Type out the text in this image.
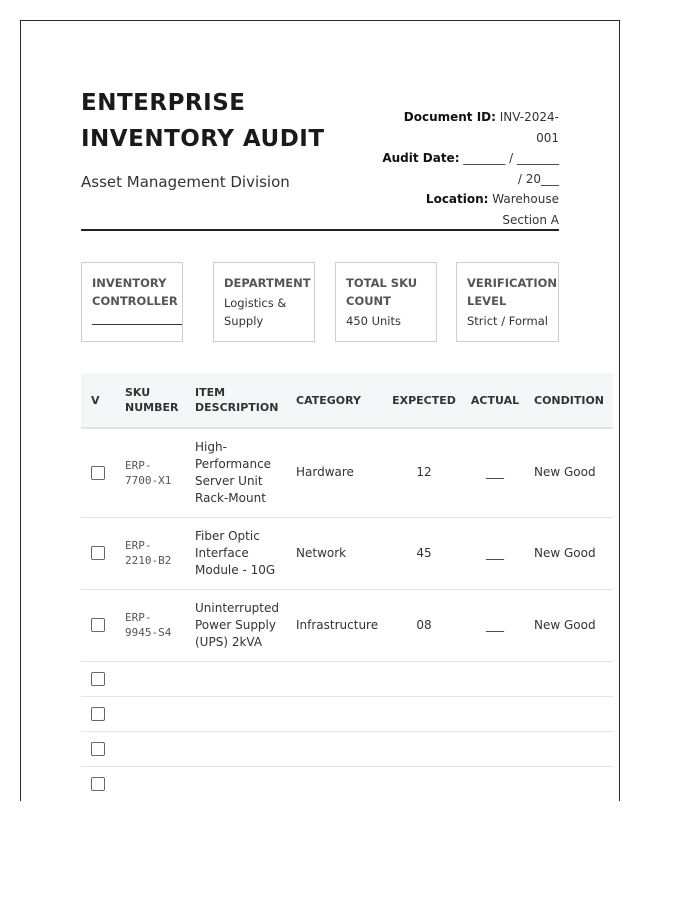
ENTERPRISE INVENTORY AUDIT
Asset Management Division
Document ID: INV-2024-001
Audit Date: _______ / _______
/ 20___
Location: Warehouse Section A
INVENTORY CONTROLLER
DEPARTMENT
Logistics & Supply
TOTAL SKU COUNT
450 Units
VERIFICATION LEVEL
Strict / Formal
V	SKU NUMBER	ITEM DESCRIPTION	CATEGORY	EXPECTED	ACTUAL	CONDITION
	ERP-7700-X1	High-Performance Server Unit Rack-Mount	Hardware	12	___	New Good
	ERP-2210-B2	Fiber Optic Interface Module - 10G	Network	45	___	New Good
	ERP-9945-S4	Uninterrupted Power Supply (UPS) 2kVA	Infrastructure	08	___	New Good
